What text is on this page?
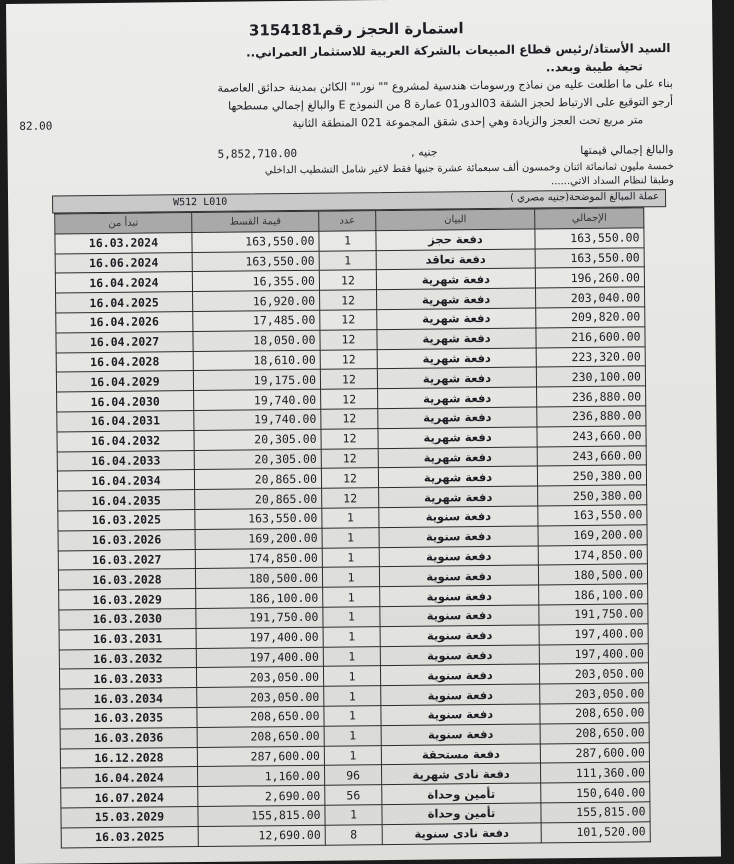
استمارة الحجز رقم3154181
السيد الأستاذ/رئيس قطاع المبيعات بالشركة العربية للاستثمار العمراني..
تحية طيبة وبعد..
بناء على ما اطلعت عليه من نماذج ورسومات هندسية لمشروع "" نور"" الكائن بمدينة حدائق العاصمة
أرجو التوقيع على الارتباط لحجز الشقة 03الدور01 عمارة 8 من النموذج E والبالغ إجمالي مسطحها
82.00	متر مربع تحت العجز والزيادة وهي إحدى شقق المجموعة 021 المنطقة الثانية
والبالغ إجمالي قيمتها
5,852,710.00	جنيه ,
خمسة مليون ثمانمائة اثنان وخمسون ألف سبعمائة عشرة جنيها فقط لاغير شامل التشطيب الداخلي
وطبقا لنظام السداد الاتي......
W512 L010	عملة المبالغ الموضحة(جنيه مصري )
تبدأ من	قيمة القسط	عدد	البيان	الإجمالي
16.03.2024	163,550.00	1	دفعة حجز	163,550.00
16.06.2024	163,550.00	1	دفعة تعاقد	163,550.00
16.04.2024	16,355.00	12	دفعة شهرية	196,260.00
16.04.2025	16,920.00	12	دفعة شهرية	203,040.00
16.04.2026	17,485.00	12	دفعة شهرية	209,820.00
16.04.2027	18,050.00	12	دفعة شهرية	216,600.00
16.04.2028	18,610.00	12	دفعة شهرية	223,320.00
16.04.2029	19,175.00	12	دفعة شهرية	230,100.00
16.04.2030	19,740.00	12	دفعة شهرية	236,880.00
16.04.2031	19,740.00	12	دفعة شهرية	236,880.00
16.04.2032	20,305.00	12	دفعة شهرية	243,660.00
16.04.2033	20,305.00	12	دفعة شهرية	243,660.00
16.04.2034	20,865.00	12	دفعة شهرية	250,380.00
16.04.2035	20,865.00	12	دفعة شهرية	250,380.00
16.03.2025	163,550.00	1	دفعة سنوية	163,550.00
16.03.2026	169,200.00	1	دفعة سنوية	169,200.00
16.03.2027	174,850.00	1	دفعة سنوية	174,850.00
16.03.2028	180,500.00	1	دفعة سنوية	180,500.00
16.03.2029	186,100.00	1	دفعة سنوية	186,100.00
16.03.2030	191,750.00	1	دفعة سنوية	191,750.00
16.03.2031	197,400.00	1	دفعة سنوية	197,400.00
16.03.2032	197,400.00	1	دفعة سنوية	197,400.00
16.03.2033	203,050.00	1	دفعة سنوية	203,050.00
16.03.2034	203,050.00	1	دفعة سنوية	203,050.00
16.03.2035	208,650.00	1	دفعة سنوية	208,650.00
16.03.2036	208,650.00	1	دفعة سنوية	208,650.00
16.12.2028	287,600.00	1	دفعة مستحقة	287,600.00
16.04.2024	1,160.00	96	دفعة نادى شهرية	111,360.00
16.07.2024	2,690.00	56	تأمين وحداة	150,640.00
15.03.2029	155,815.00	1	تأمين وحداة	155,815.00
16.03.2025	12,690.00	8	دفعة نادى سنوية	101,520.00
